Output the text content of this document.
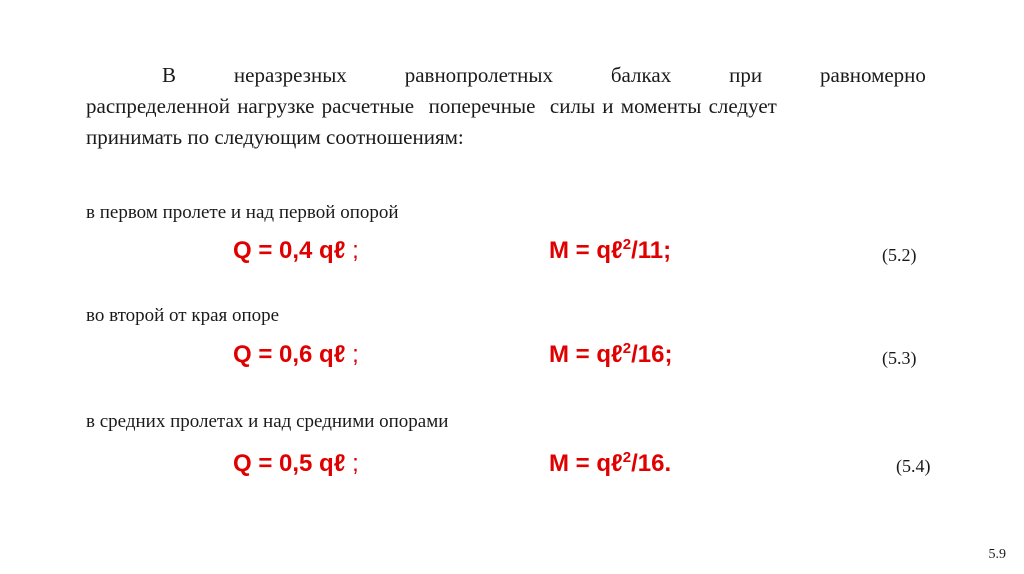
В	неразрезных	равнопролетных	балках	при	равномерно
распределенной нагрузке расчетные  поперечные  силы и моменты следует
принимать по следующим соотношениям:
в первом пролете и над первой опорой
Q = 0,4 qℓ ;	M = qℓ$^2$/11;	(5.2)
во второй от края опоре
Q = 0,6 qℓ ;	M = qℓ$^2$/16;	(5.3)
в средних пролетах и над средними опорами
Q = 0,5 qℓ ;	M = qℓ$^2$/16.	(5.4)
5.9
